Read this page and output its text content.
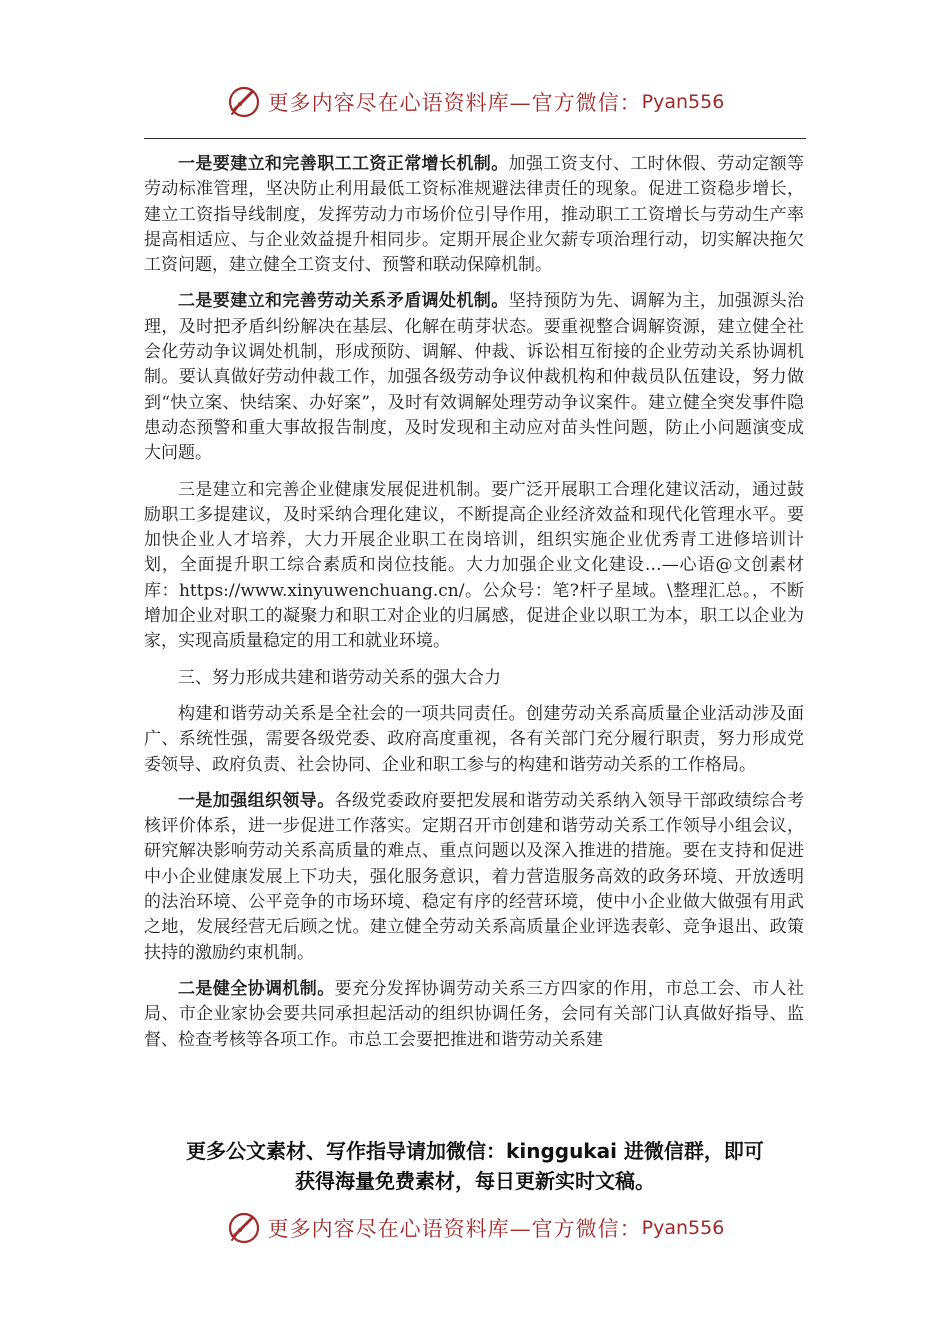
更多内容尽在心语资料库—官方微信： Pyan556

一是要建立和完善职工工资正常增长机制。加强工资支付、工时休假、劳动定额等劳动标准管理，坚决防止利用最低工资标准规避法律责任的现象。促进工资稳步增长，建立工资指导线制度，发挥劳动力市场价位引导作用，推动职工工资增长与劳动生产率提高相适应、与企业效益提升相同步。定期开展企业欠薪专项治理行动，切实解决拖欠工资问题，建立健全工资支付、预警和联动保障机制。

二是要建立和完善劳动关系矛盾调处机制。坚持预防为先、调解为主，加强源头治理，及时把矛盾纠纷解决在基层、化解在萌芽状态。要重视整合调解资源，建立健全社会化劳动争议调处机制，形成预防、调解、仲裁、诉讼相互衔接的企业劳动关系协调机制。要认真做好劳动仲裁工作，加强各级劳动争议仲裁机构和仲裁员队伍建设，努力做到“快立案、快结案、办好案”，及时有效调解处理劳动争议案件。建立健全突发事件隐患动态预警和重大事故报告制度，及时发现和主动应对苗头性问题，防止小问题演变成大问题。

三是建立和完善企业健康发展促进机制。要广泛开展职工合理化建议活动，通过鼓励职工多提建议，及时采纳合理化建议，不断提高企业经济效益和现代化管理水平。要加快企业人才培养，大力开展企业职工在岗培训，组织实施企业优秀青工进修培训计划，全面提升职工综合素质和岗位技能。大力加强企业文化建设…—心语@文创素材库：https://www.xinyuwenchuang.cn/。公众号：笔?杆子星域。\整理汇总。，不断增加企业对职工的凝聚力和职工对企业的归属感，促进企业以职工为本，职工以企业为家，实现高质量稳定的用工和就业环境。

三、努力形成共建和谐劳动关系的强大合力

构建和谐劳动关系是全社会的一项共同责任。创建劳动关系高质量企业活动涉及面广、系统性强，需要各级党委、政府高度重视，各有关部门充分履行职责，努力形成党委领导、政府负责、社会协同、企业和职工参与的构建和谐劳动关系的工作格局。

一是加强组织领导。各级党委政府要把发展和谐劳动关系纳入领导干部政绩综合考核评价体系，进一步促进工作落实。定期召开市创建和谐劳动关系工作领导小组会议，研究解决影响劳动关系高质量的难点、重点问题以及深入推进的措施。要在支持和促进中小企业健康发展上下功夫，强化服务意识，着力营造服务高效的政务环境、开放透明的法治环境、公平竞争的市场环境、稳定有序的经营环境，使中小企业做大做强有用武之地，发展经营无后顾之忧。建立健全劳动关系高质量企业评选表彰、竞争退出、政策扶持的激励约束机制。

二是健全协调机制。要充分发挥协调劳动关系三方四家的作用，市总工会、市人社局、市企业家协会要共同承担起活动的组织协调任务，会同有关部门认真做好指导、监督、检查考核等各项工作。市总工会要把推进和谐劳动关系建

更多公文素材、写作指导请加微信：kinggukai 进微信群，即可
获得海量免费素材，每日更新实时文稿。
更多内容尽在心语资料库—官方微信： Pyan556
